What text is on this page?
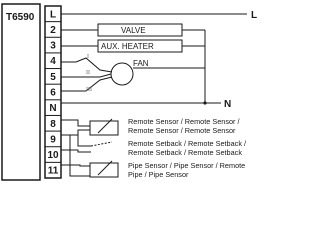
T6590 L
2
3
4
5
6
N
8
9
10
11
L
N
VALVE
AUX. HEATER
I
II
III
FAN
Remote Sensor / Remote Sensor /
Remote Sensor / Remote Sensor
Remote Setback / Remote Setback /
Remote Setback / Remote Setback
Pipe Sensor / Pipe Sensor / Remote
Pipe / Pipe Sensor
